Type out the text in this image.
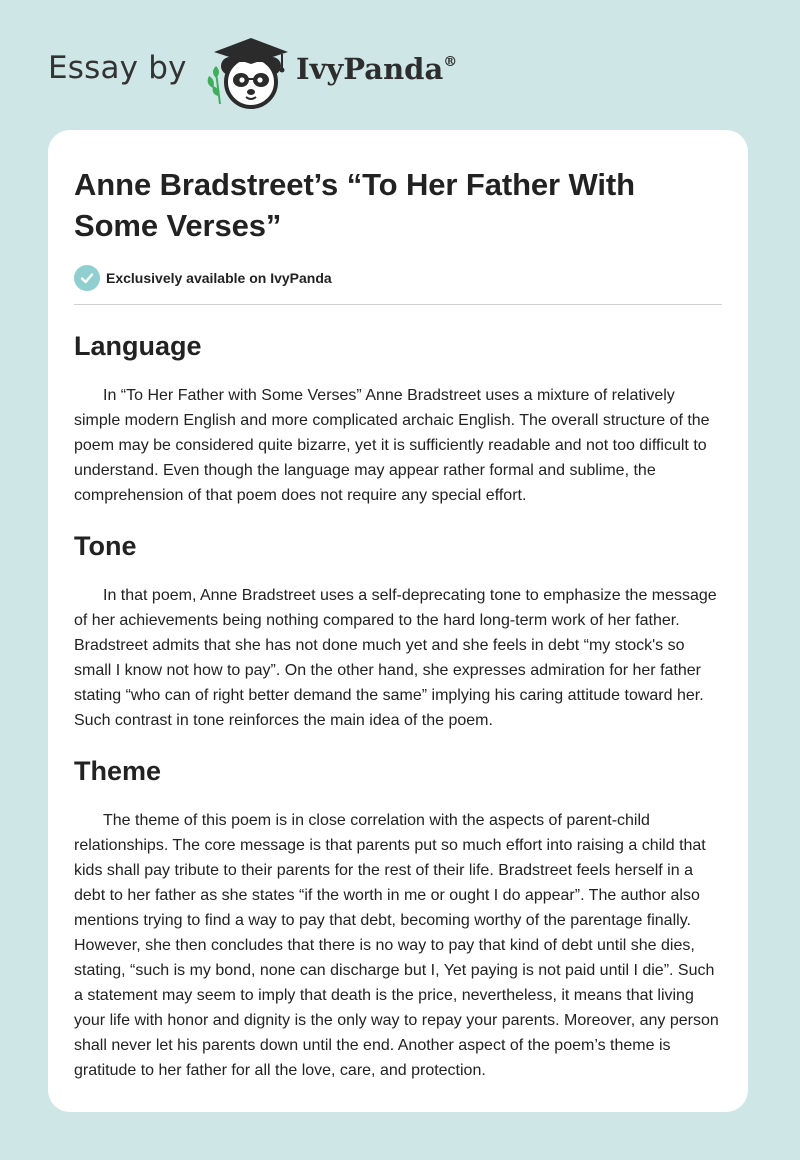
Essay by	IvyPanda®
Anne Bradstreet’s “To Her Father With Some Verses”
Exclusively available on IvyPanda
Language

In “To Her Father with Some Verses” Anne Bradstreet uses a mixture of relatively simple modern English and more complicated archaic English. The overall structure of the poem may be considered quite bizarre, yet it is sufficiently readable and not too difficult to understand. Even though the language may appear rather formal and sublime, the comprehension of that poem does not require any special effort.

Tone

In that poem, Anne Bradstreet uses a self-deprecating tone to emphasize the message of her achievements being nothing compared to the hard long-term work of her father. Bradstreet admits that she has not done much yet and she feels in debt “my stock's so small I know not how to pay”. On the other hand, she expresses admiration for her father stating “who can of right better demand the same” implying his caring attitude toward her. Such contrast in tone reinforces the main idea of the poem.

Theme

The theme of this poem is in close correlation with the aspects of parent-child relationships. The core message is that parents put so much effort into raising a child that kids shall pay tribute to their parents for the rest of their life. Bradstreet feels herself in a debt to her father as she states “if the worth in me or ought I do appear”. The author also mentions trying to find a way to pay that debt, becoming worthy of the parentage finally. However, she then concludes that there is no way to pay that kind of debt until she dies, stating, “such is my bond, none can discharge but I, Yet paying is not paid until I die”. Such a statement may seem to imply that death is the price, nevertheless, it means that living your life with honor and dignity is the only way to repay your parents. Moreover, any person shall never let his parents down until the end. Another aspect of the poem’s theme is gratitude to her father for all the love, care, and protection.
